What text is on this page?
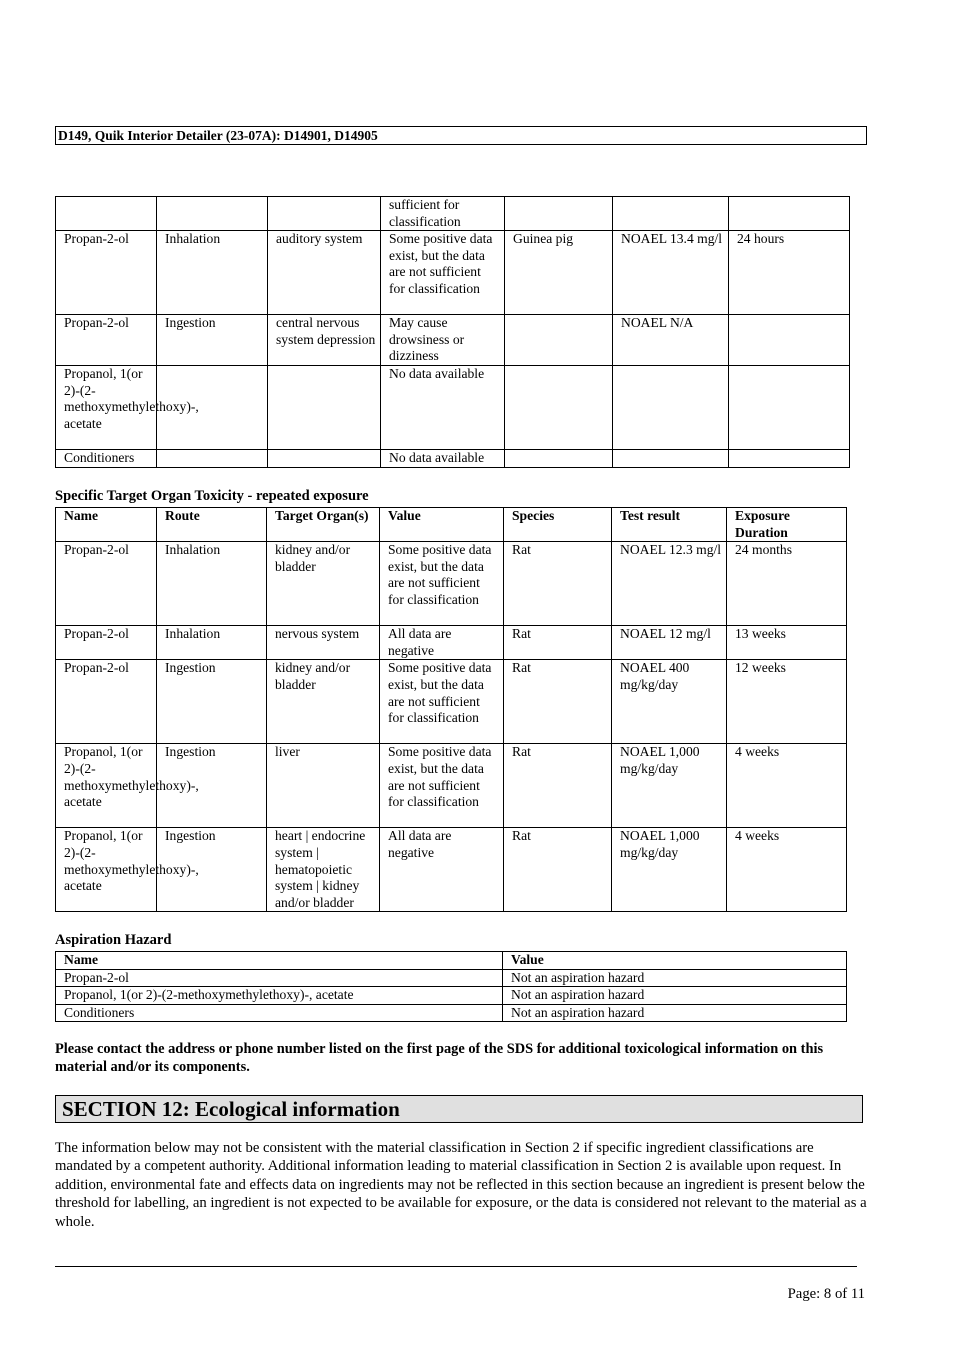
D149, Quik Interior Detailer (23-07A): D14901, D14905
			sufficient for classification			
Propan-2-ol	Inhalation	auditory system	Some positive data exist, but the data are not sufficient for classification	Guinea pig	NOAEL 13.4 mg/l	24 hours
Propan-2-ol	Ingestion	central nervous system depression	May cause drowsiness or dizziness		NOAEL N/A	
Propanol, 1(or 2)-(2-methoxymethylethoxy)-, acetate			No data available			
Conditioners			No data available			
Specific Target Organ Toxicity - repeated exposure
Name	Route	Target Organ(s)	Value	Species	Test result	Exposure Duration
Propan-2-ol	Inhalation	kidney and/or bladder	Some positive data exist, but the data are not sufficient for classification	Rat	NOAEL 12.3 mg/l	24 months
Propan-2-ol	Inhalation	nervous system	All data are negative	Rat	NOAEL 12 mg/l	13 weeks
Propan-2-ol	Ingestion	kidney and/or bladder	Some positive data exist, but the data are not sufficient for classification	Rat	NOAEL 400 mg/kg/day	12 weeks
Propanol, 1(or 2)-(2-methoxymethylethoxy)-, acetate	Ingestion	liver	Some positive data exist, but the data are not sufficient for classification	Rat	NOAEL 1,000 mg/kg/day	4 weeks
Propanol, 1(or 2)-(2-methoxymethylethoxy)-, acetate	Ingestion	heart | endocrine system | hematopoietic system | kidney and/or bladder	All data are negative	Rat	NOAEL 1,000 mg/kg/day	4 weeks
Aspiration Hazard
Name	Value
Propan-2-ol	Not an aspiration hazard
Propanol, 1(or 2)-(2-methoxymethylethoxy)-, acetate	Not an aspiration hazard
Conditioners	Not an aspiration hazard
Please contact the address or phone number listed on the first page of the SDS for additional toxicological information on this material and/or its components.
SECTION 12: Ecological information
The information below may not be consistent with the material classification in Section 2 if specific ingredient classifications are mandated by a competent authority. Additional information leading to material classification in Section 2 is available upon request. In addition, environmental fate and effects data on ingredients may not be reflected in this section because an ingredient is present below the threshold for labelling, an ingredient is not expected to be available for exposure, or the data is considered not relevant to the material as a whole.
Page: 8 of 11
